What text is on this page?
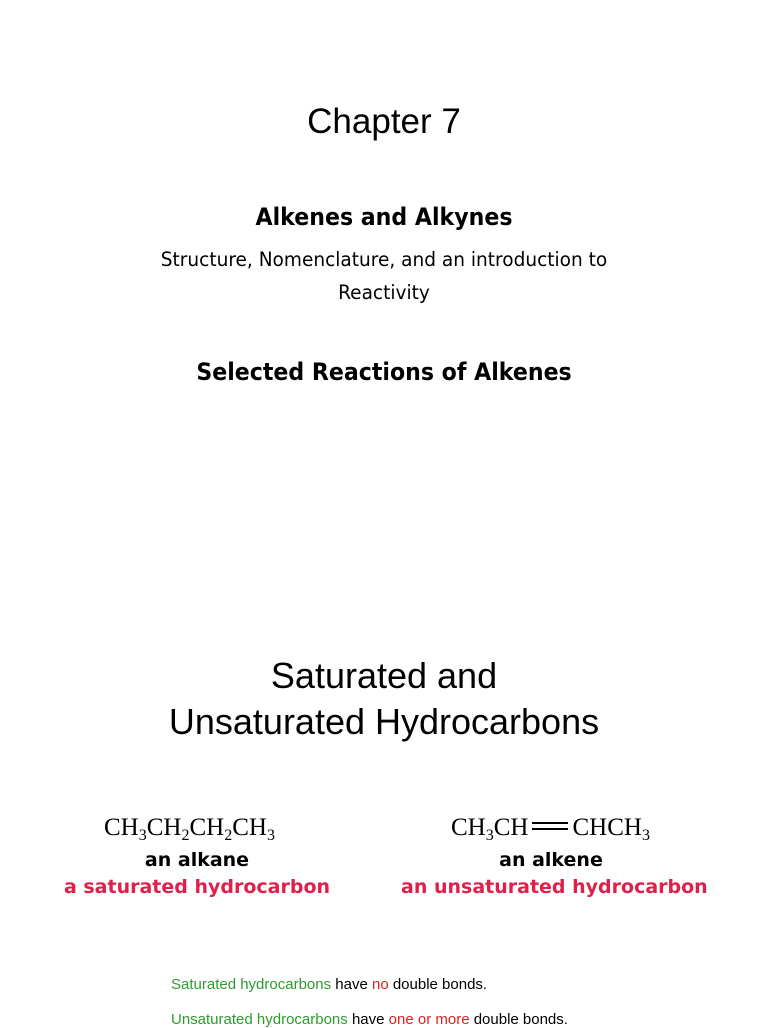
Chapter 7
Alkenes and Alkynes
Structure, Nomenclature, and an introduction to Reactivity
Selected Reactions of Alkenes
Saturated and
Unsaturated Hydrocarbons
$CH_3CH_2CH_2CH_3$	$CH_3CH$ $CHCH_3$
an alkane
a saturated hydrocarbon
an alkene
an unsaturated hydrocarbon
Saturated hydrocarbons have no double bonds.
Unsaturated hydrocarbons have one or more double bonds.
